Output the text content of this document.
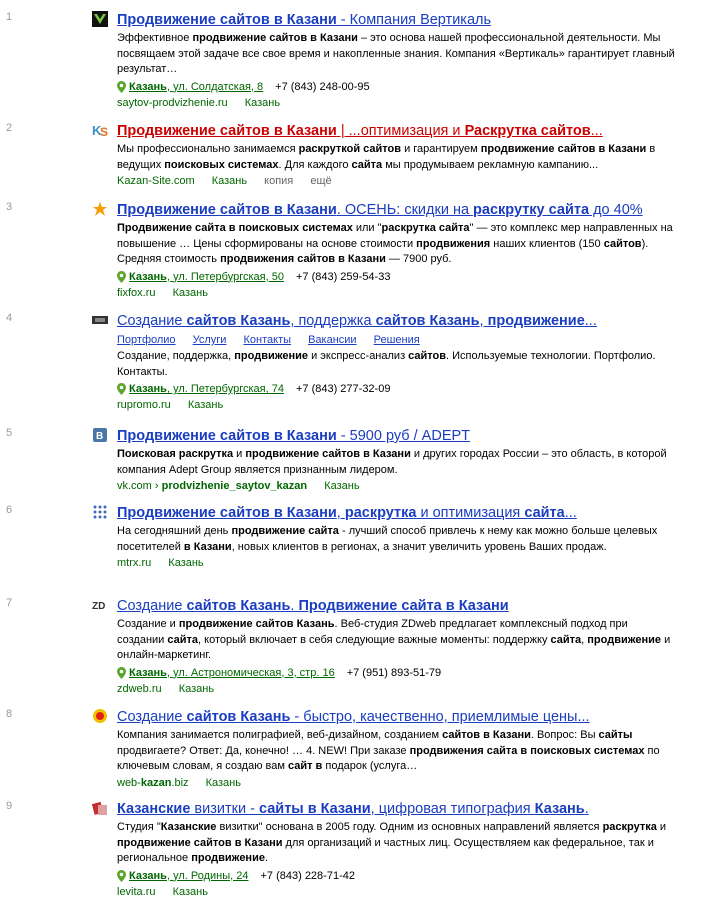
1	Продвижение сайтов в Казани - Компания Вертикаль
Эффективное продвижение сайтов в Казани – это основа нашей профессиональной деятельности. Мы посвящаем этой задаче все свое время и накопленные знания. Компания «Вертикаль» гарантирует главный результат…
Казань, ул. Солдатская, 8 +7 (843) 248-00-95
saytov-prodvizhenie.ru Казань
2	K
S Продвижение сайтов в Казани | ...оптимизация и Раскрутка сайтов...
Мы профессионально занимаемся раскруткой сайтов и гарантируем продвижение сайтов в Казани в ведущих поисковых системах. Для каждого сайта мы продумываем рекламную кампанию...
Kazan-Site.com Казань копия ещё
3	Продвижение сайтов в Казани. ОСЕНЬ: скидки на раскрутку сайта до 40%
Продвижение сайта в поисковых системах или "раскрутка сайта" — это комплекс мер направленных на повышение … Цены сформированы на основе стоимости продвижения наших клиентов (150 сайтов). Средняя стоимость продвижения сайтов в Казани — 7900 руб.
Казань, ул. Петербургская, 50 +7 (843) 259-54-33
fixfox.ru Казань
4	Создание сайтов Казань, поддержка сайтов Казань, продвижение...
Портфолио Услуги Контакты Вакансии Решения
Создание, поддержка, продвижение и экспресс-анализ сайтов. Используемые технологии. Портфолио. Контакты.
Казань, ул. Петербургская, 74 +7 (843) 277-32-09
rupromo.ru Казань
5	B Продвижение сайтов в Казани - 5900 руб / ADEPT
Поисковая раскрутка и продвижение сайтов в Казани и других городах России – это область, в которой компания Adept Group является признанным лидером.
vk.com › prodvizhenie_saytov_kazan Казань
6	Продвижение сайтов в Казани, раскрутка и оптимизация сайта...
На сегодняшний день продвижение сайта - лучший способ привлечь к нему как можно больше целевых посетителей в Казани, новых клиентов в регионах, а значит увеличить уровень Ваших продаж.
mtrx.ru Казань
7	ZD Создание сайтов Казань. Продвижение сайта в Казани
Создание и продвижение сайтов Казань. Веб-студия ZDweb предлагает комплексный подход при создании сайта, который включает в себя следующие важные моменты: поддержку сайта, продвижение и онлайн-маркетинг.
Казань, ул. Астрономическая, 3, стр. 16 +7 (951) 893-51-79
zdweb.ru Казань
8	Создание сайтов Казань - быстро, качественно, приемлимые цены...
Компания занимается полиграфией, веб-дизайном, созданием сайтов в Казани. Вопрос: Вы сайты продвигаете? Ответ: Да, конечно! … 4. NEW! При заказе продвижения сайта в поисковых системах по ключевым словам, я создаю вам сайт в подарок (услуга…
web-kazan.biz Казань
9	Казанские визитки - сайты в Казани, цифровая типография Казань.
Студия "Казанские визитки" основана в 2005 году. Одним из основных направлений является раскрутка и продвижение сайтов в Казани для организаций и частных лиц. Осуществляем как федеральное, так и региональное продвижение.
Казань, ул. Родины, 24 +7 (843) 228-71-42
levita.ru Казань
